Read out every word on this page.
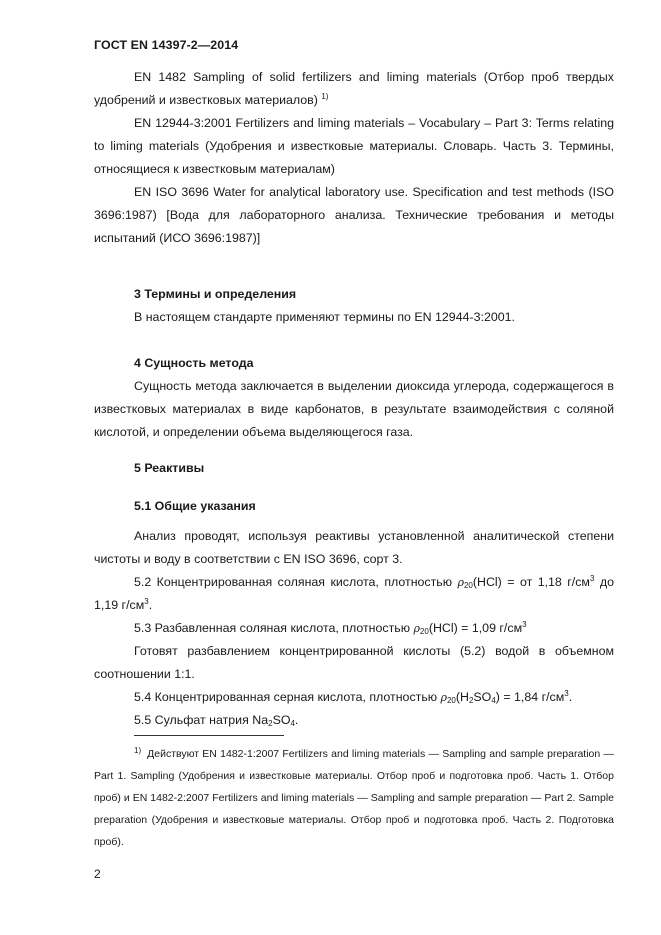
ГОСТ EN 14397-2—2014

EN 1482 Sampling of solid fertilizers and liming materials (Отбор проб твердых удобрений и известковых материалов) $^{1)}$

EN 12944-3:2001 Fertilizers and liming materials – Vocabulary – Part 3: Terms relating to liming materials (Удобрения и известковые материалы. Словарь. Часть 3. Термины, относящиеся к известковым материалам)

EN ISO 3696 Water for analytical laboratory use. Specification and test methods (ISO 3696:1987) [Вода для лабораторного анализа. Технические требования и методы испытаний (ИСО 3696:1987)]

3 Термины и определения

В настоящем стандарте применяют термины по EN 12944-3:2001.

4 Сущность метода

Сущность метода заключается в выделении диоксида углерода, содержащегося в известковых материалах в виде карбонатов, в результате взаимодействия с соляной кислотой, и определении объема выделяющегося газа.

5 Реактивы
5.1 Общие указания

Анализ проводят, используя реактивы установленной аналитической степени чистоты и воду в соответствии с EN ISO 3696, сорт 3.

5.2 Концентрированная соляная кислота, плотностью $\rho_{20}(HCl)$ = от 1,18 $г/см^3$ до 1,19 $г/см^3$.

5.3 Разбавленная соляная кислота, плотностью $\rho_{20}(HCl) = 1,09$ $г/см^3$

Готовят разбавлением концентрированной кислоты (5.2) водой в объемном соотношении 1:1.

5.4 Концентрированная серная кислота, плотностью $\rho_{20}(H_2SO_4) = 1,84$ $г/см^3$.

5.5 Сульфат натрия $Na_2SO_4$.

$^{1)}$ Действуют EN 1482-1:2007 Fertilizers and liming materials — Sampling and sample preparation — Part 1. Sampling (Удобрения и известковые материалы. Отбор проб и подготовка проб. Часть 1. Отбор проб) и EN 1482-2:2007 Fertilizers and liming materials — Sampling and sample preparation — Part 2. Sample preparation (Удобрения и известковые материалы. Отбор проб и подготовка проб. Часть 2. Подготовка проб).

2
